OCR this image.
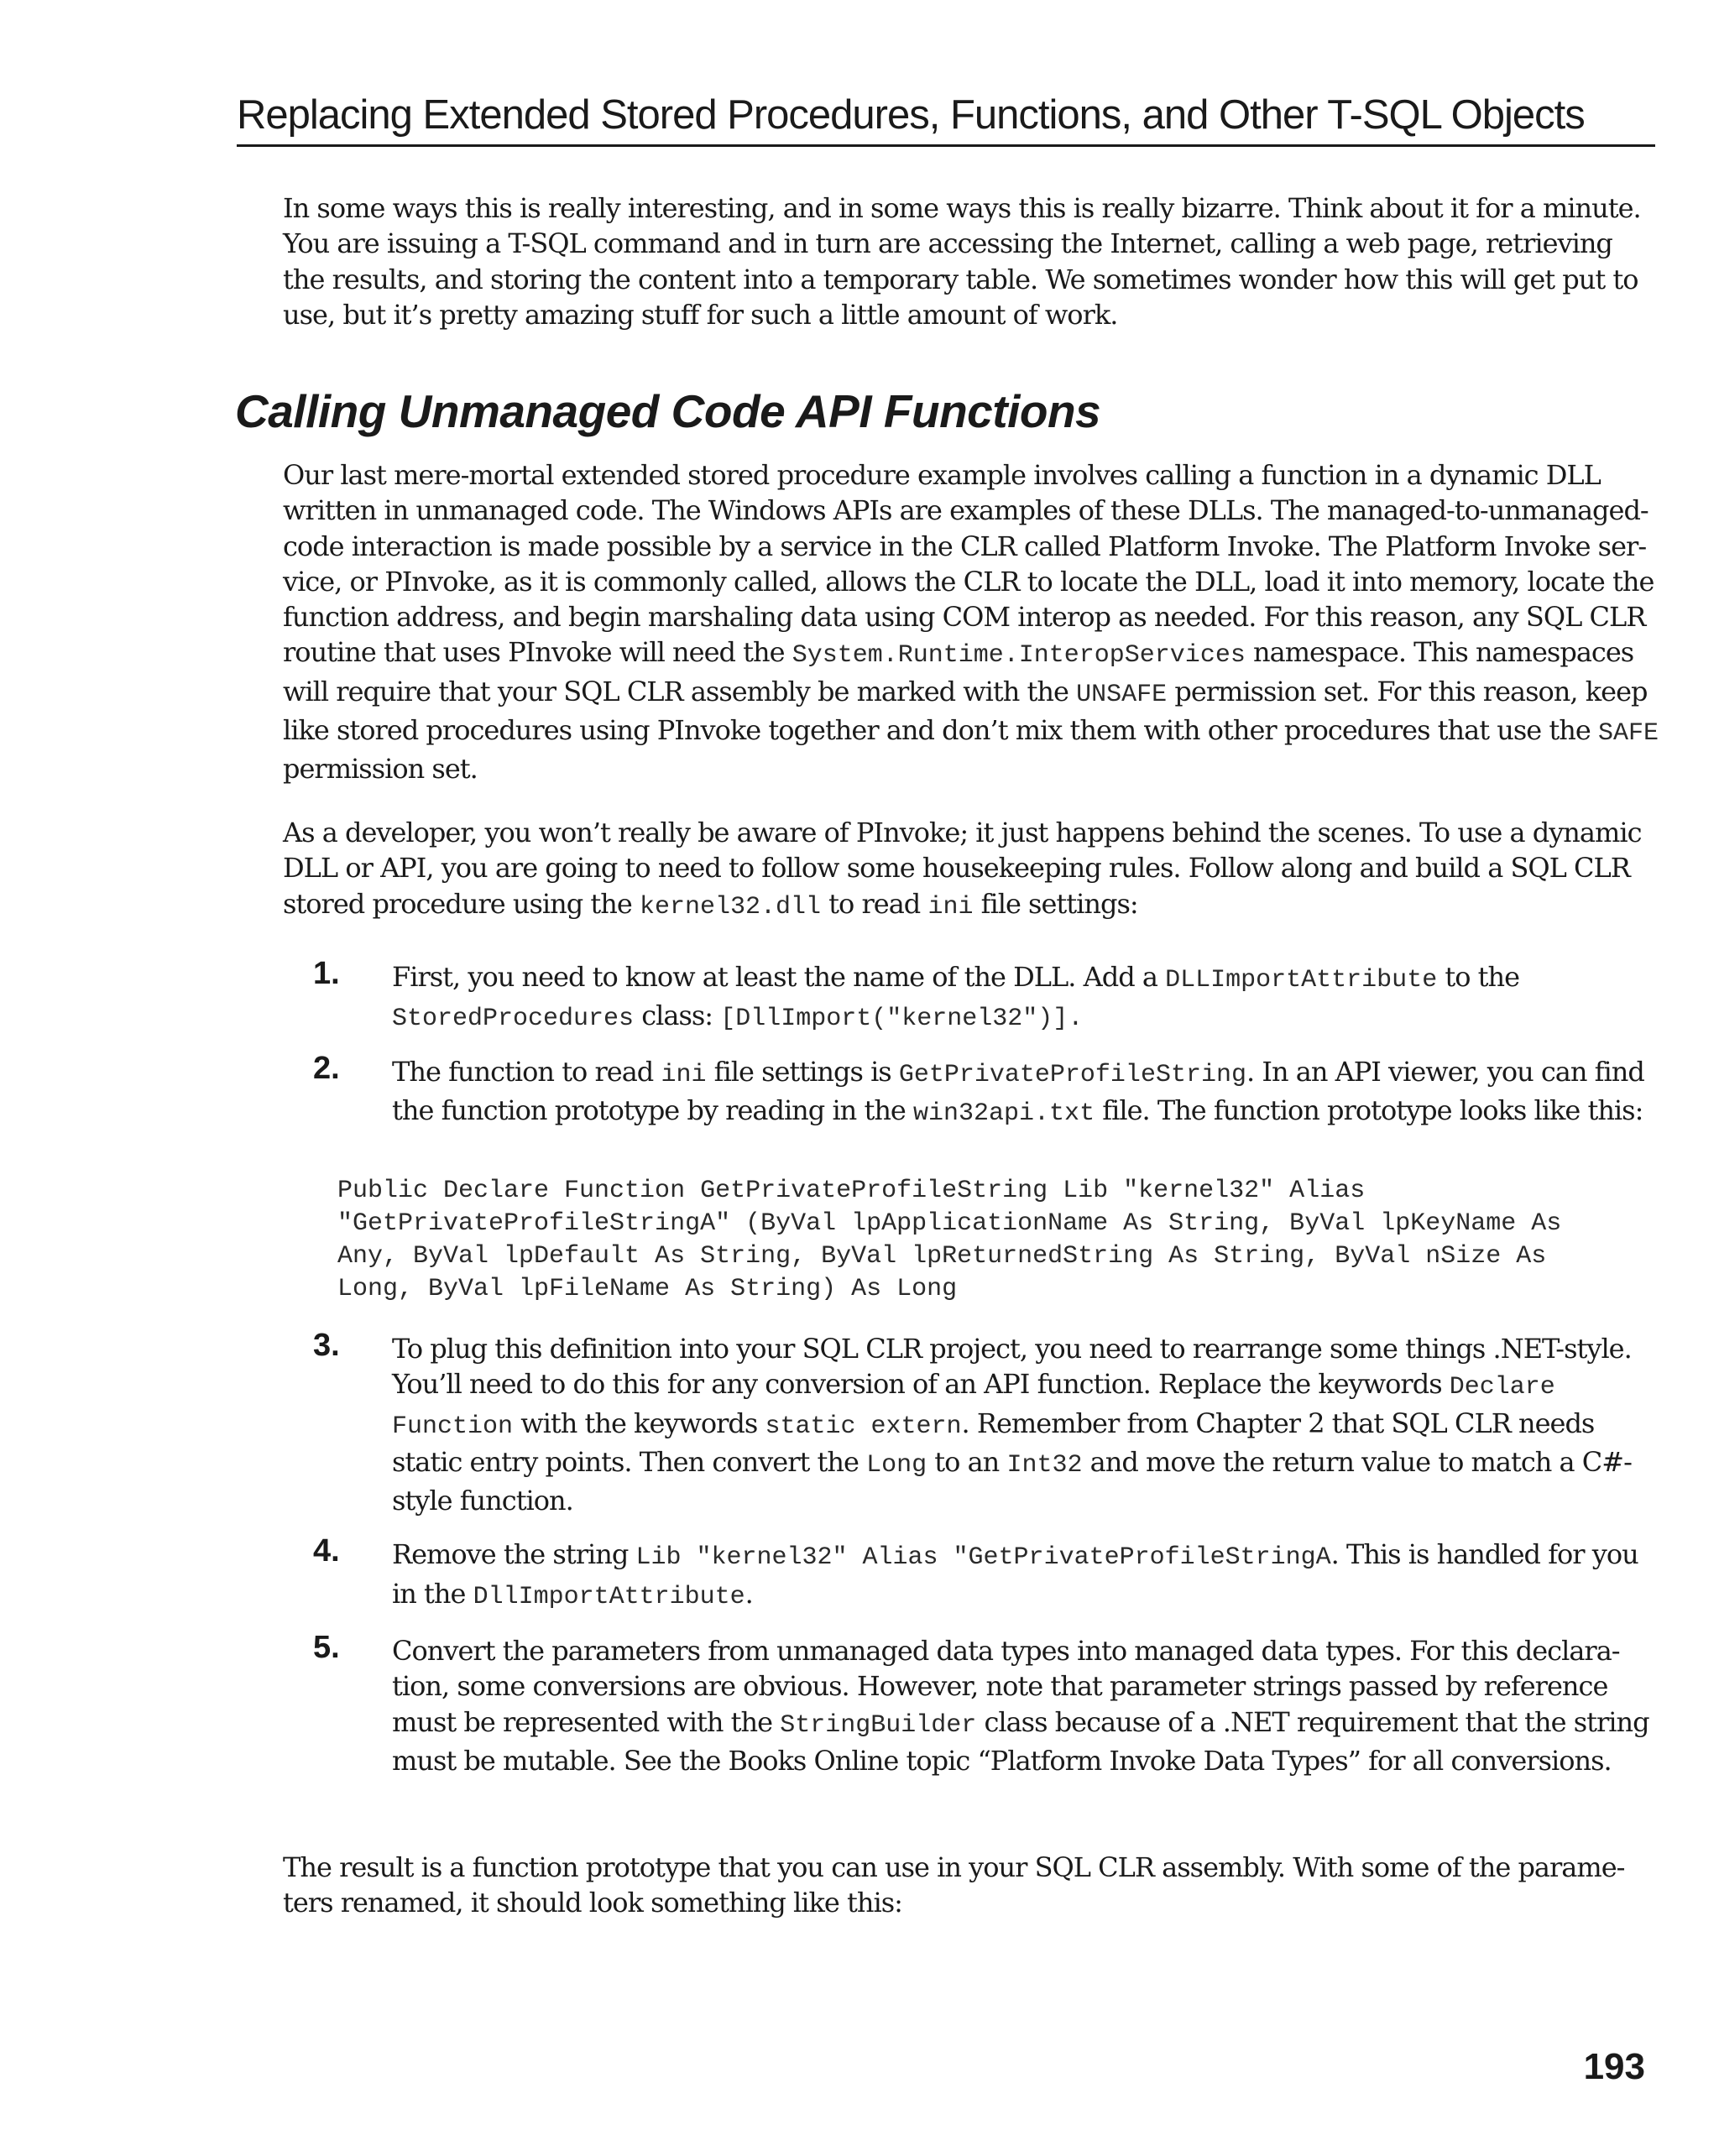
Replacing Extended Stored Procedures, Functions, and Other T-SQL Objects

In some ways this is really interesting, and in some ways this is really bizarre. Think about it for a minute. You are issuing a T-SQL command and in turn are accessing the Internet, calling a web page, retrieving the results, and storing the content into a temporary table. We sometimes wonder how this will get put to use, but it’s pretty amazing stuff for such a little amount of work.

Calling Unmanaged Code API Functions

Our last mere-mortal extended stored procedure example involves calling a function in a dynamic DLL written in unmanaged code. The Windows APIs are examples of these DLLs. The managed-to-unmanaged-code interaction is made possible by a service in the CLR called Platform Invoke. The Platform Invoke service, or PInvoke, as it is commonly called, allows the CLR to locate the DLL, load it into memory, locate the function address, and begin marshaling data using COM interop as needed. For this reason, any SQL CLR routine that uses PInvoke will need the System.Runtime.InteropServices namespace. This namespaces will require that your SQL CLR assembly be marked with the UNSAFE permission set. For this reason, keep like stored procedures using PInvoke together and don’t mix them with other procedures that use the SAFE permission set.

As a developer, you won’t really be aware of PInvoke; it just happens behind the scenes. To use a dynamic DLL or API, you are going to need to follow some housekeeping rules. Follow along and build a SQL CLR stored procedure using the kernel32.dll to read ini file settings:

1. First, you need to know at least the name of the DLL. Add a DLLImportAttribute to the StoredProcedures class: [DllImport("kernel32")].

2. The function to read ini file settings is GetPrivateProfileString. In an API viewer, you can find the function prototype by reading in the win32api.txt file. The function prototype looks like this:

Public Declare Function GetPrivateProfileString Lib "kernel32" Alias
"GetPrivateProfileStringA" (ByVal lpApplicationName As String, ByVal lpKeyName As
Any, ByVal lpDefault As String, ByVal lpReturnedString As String, ByVal nSize As
Long, ByVal lpFileName As String) As Long
3. To plug this definition into your SQL CLR project, you need to rearrange some things .NET-style. You’ll need to do this for any conversion of an API function. Replace the keywords Declare Function with the keywords static extern. Remember from Chapter 2 that SQL CLR needs static entry points. Then convert the Long to an Int32 and move the return value to match a C#-style function.

4. Remove the string Lib "kernel32" Alias "GetPrivateProfileStringA. This is handled for you in the DllImportAttribute.

5. Convert the parameters from unmanaged data types into managed data types. For this declaration, some conversions are obvious. However, note that parameter strings passed by reference must be represented with the StringBuilder class because of a .NET requirement that the string must be mutable. See the Books Online topic “Platform Invoke Data Types” for all conversions.

The result is a function prototype that you can use in your SQL CLR assembly. With some of the parameters renamed, it should look something like this:

193
